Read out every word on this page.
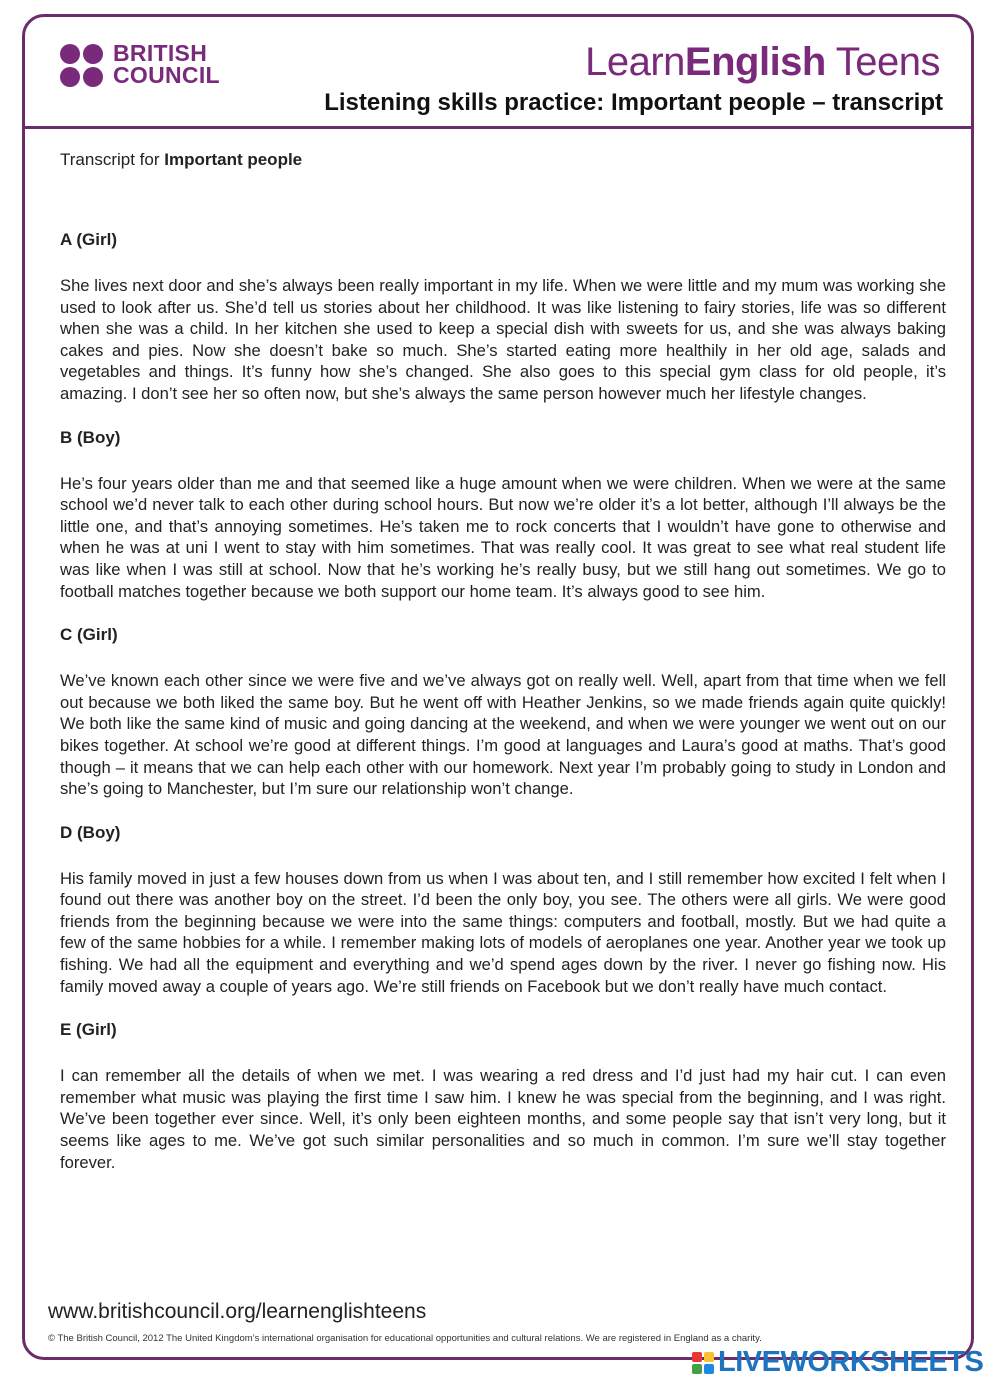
BRITISH
COUNCIL	LearnEnglish Teens
Listening skills practice: Important people – transcript

Transcript for Important people

A (Girl)

She lives next door and she’s always been really important in my life. When we were little and my mum was working she used to look after us. She’d tell us stories about her childhood. It was like listening to fairy stories, life was so different when she was a child. In her kitchen she used to keep a special dish with sweets for us, and she was always baking cakes and pies. Now she doesn’t bake so much. She’s started eating more healthily in her old age, salads and vegetables and things. It’s funny how she’s changed. She also goes to this special gym class for old people, it’s amazing. I don’t see her so often now, but she’s always the same person however much her lifestyle changes.

B (Boy)

He’s four years older than me and that seemed like a huge amount when we were children. When we were at the same school we’d never talk to each other during school hours. But now we’re older it’s a lot better, although I’ll always be the little one, and that’s annoying sometimes. He’s taken me to rock concerts that I wouldn’t have gone to otherwise and when he was at uni I went to stay with him sometimes. That was really cool. It was great to see what real student life was like when I was still at school. Now that he’s working he’s really busy, but we still hang out sometimes. We go to football matches together because we both support our home team. It’s always good to see him.

C (Girl)

We’ve known each other since we were five and we’ve always got on really well. Well, apart from that time when we fell out because we both liked the same boy. But he went off with Heather Jenkins, so we made friends again quite quickly! We both like the same kind of music and going dancing at the weekend, and when we were younger we went out on our bikes together. At school we’re good at different things. I’m good at languages and Laura’s good at maths. That’s good though – it means that we can help each other with our homework. Next year I’m probably going to study in London and she’s going to Manchester, but I’m sure our relationship won’t change.

D (Boy)

His family moved in just a few houses down from us when I was about ten, and I still remember how excited I felt when I found out there was another boy on the street. I’d been the only boy, you see. The others were all girls. We were good friends from the beginning because we were into the same things: computers and football, mostly. But we had quite a few of the same hobbies for a while. I remember making lots of models of aeroplanes one year. Another year we took up fishing. We had all the equipment and everything and we’d spend ages down by the river. I never go fishing now. His family moved away a couple of years ago. We’re still friends on Facebook but we don’t really have much contact.

E (Girl)

I can remember all the details of when we met. I was wearing a red dress and I’d just had my hair cut. I can even remember what music was playing the first time I saw him. I knew he was special from the beginning, and I was right. We’ve been together ever since. Well, it’s only been eighteen months, and some people say that isn’t very long, but it seems like ages to me. We’ve got such similar personalities and so much in common. I’m sure we’ll stay together forever.

www.britishcouncil.org/learnenglishteens
© The British Council, 2012 The United Kingdom’s international organisation for educational opportunities and cultural relations. We are registered in England as a charity.
LIVEWORKSHEETS
